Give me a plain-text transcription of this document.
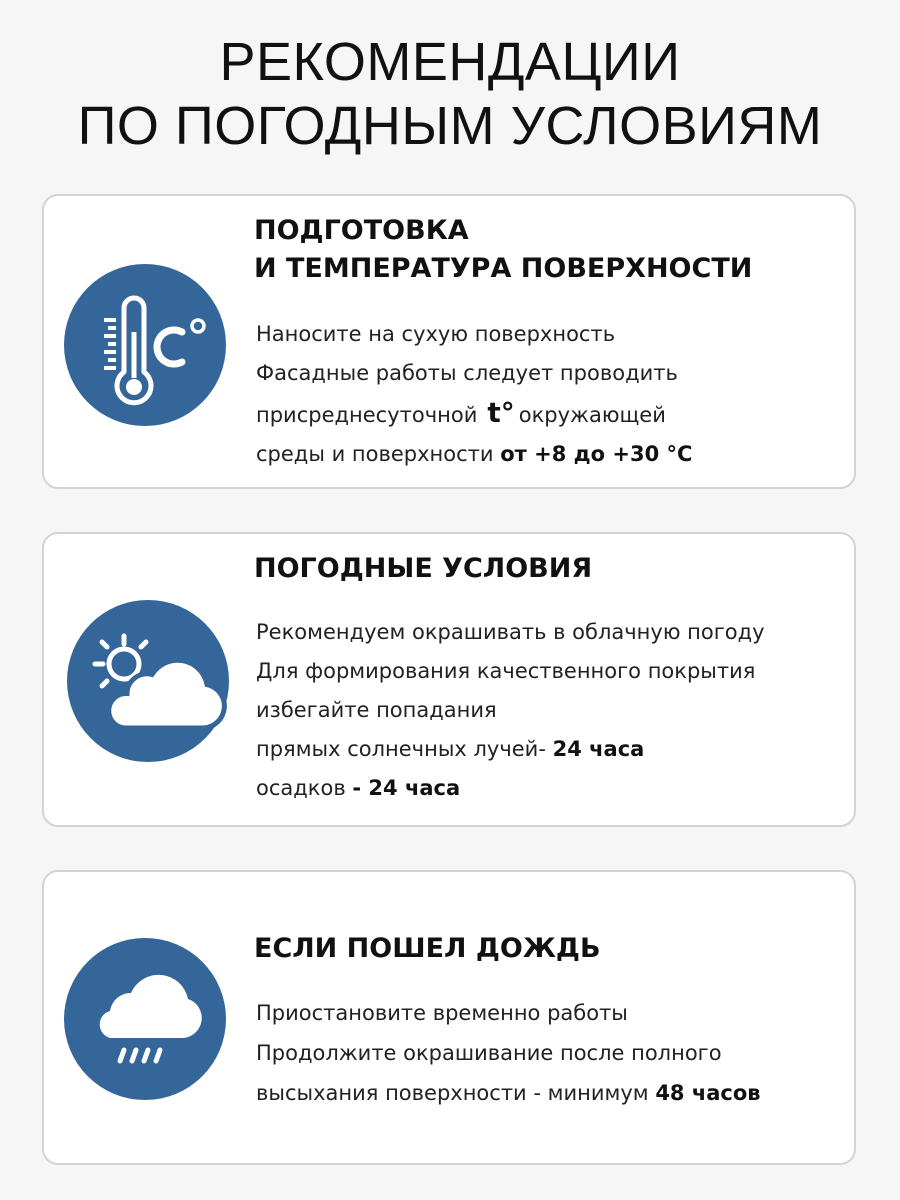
РЕКОМЕНДАЦИИ
ПО ПОГОДНЫМ УСЛОВИЯМ
ПОДГОТОВКА
И ТЕМПЕРАТУРА ПОВЕРХНОСТИ
Наносите на сухую поверхность
Фасадные работы следует проводить
присреднесуточной t° окружающей
среды и поверхности от +8 до +30 °С
ПОГОДНЫЕ УСЛОВИЯ
Рекомендуем окрашивать в облачную погоду
Для формирования качественного покрытия
избегайте попадания
прямых солнечных лучей- 24 часа
осадков - 24 часа
ЕСЛИ ПОШЕЛ ДОЖДЬ
Приостановите временно работы
Продолжите окрашивание после полного
высыхания поверхности - минимум 48 часов
